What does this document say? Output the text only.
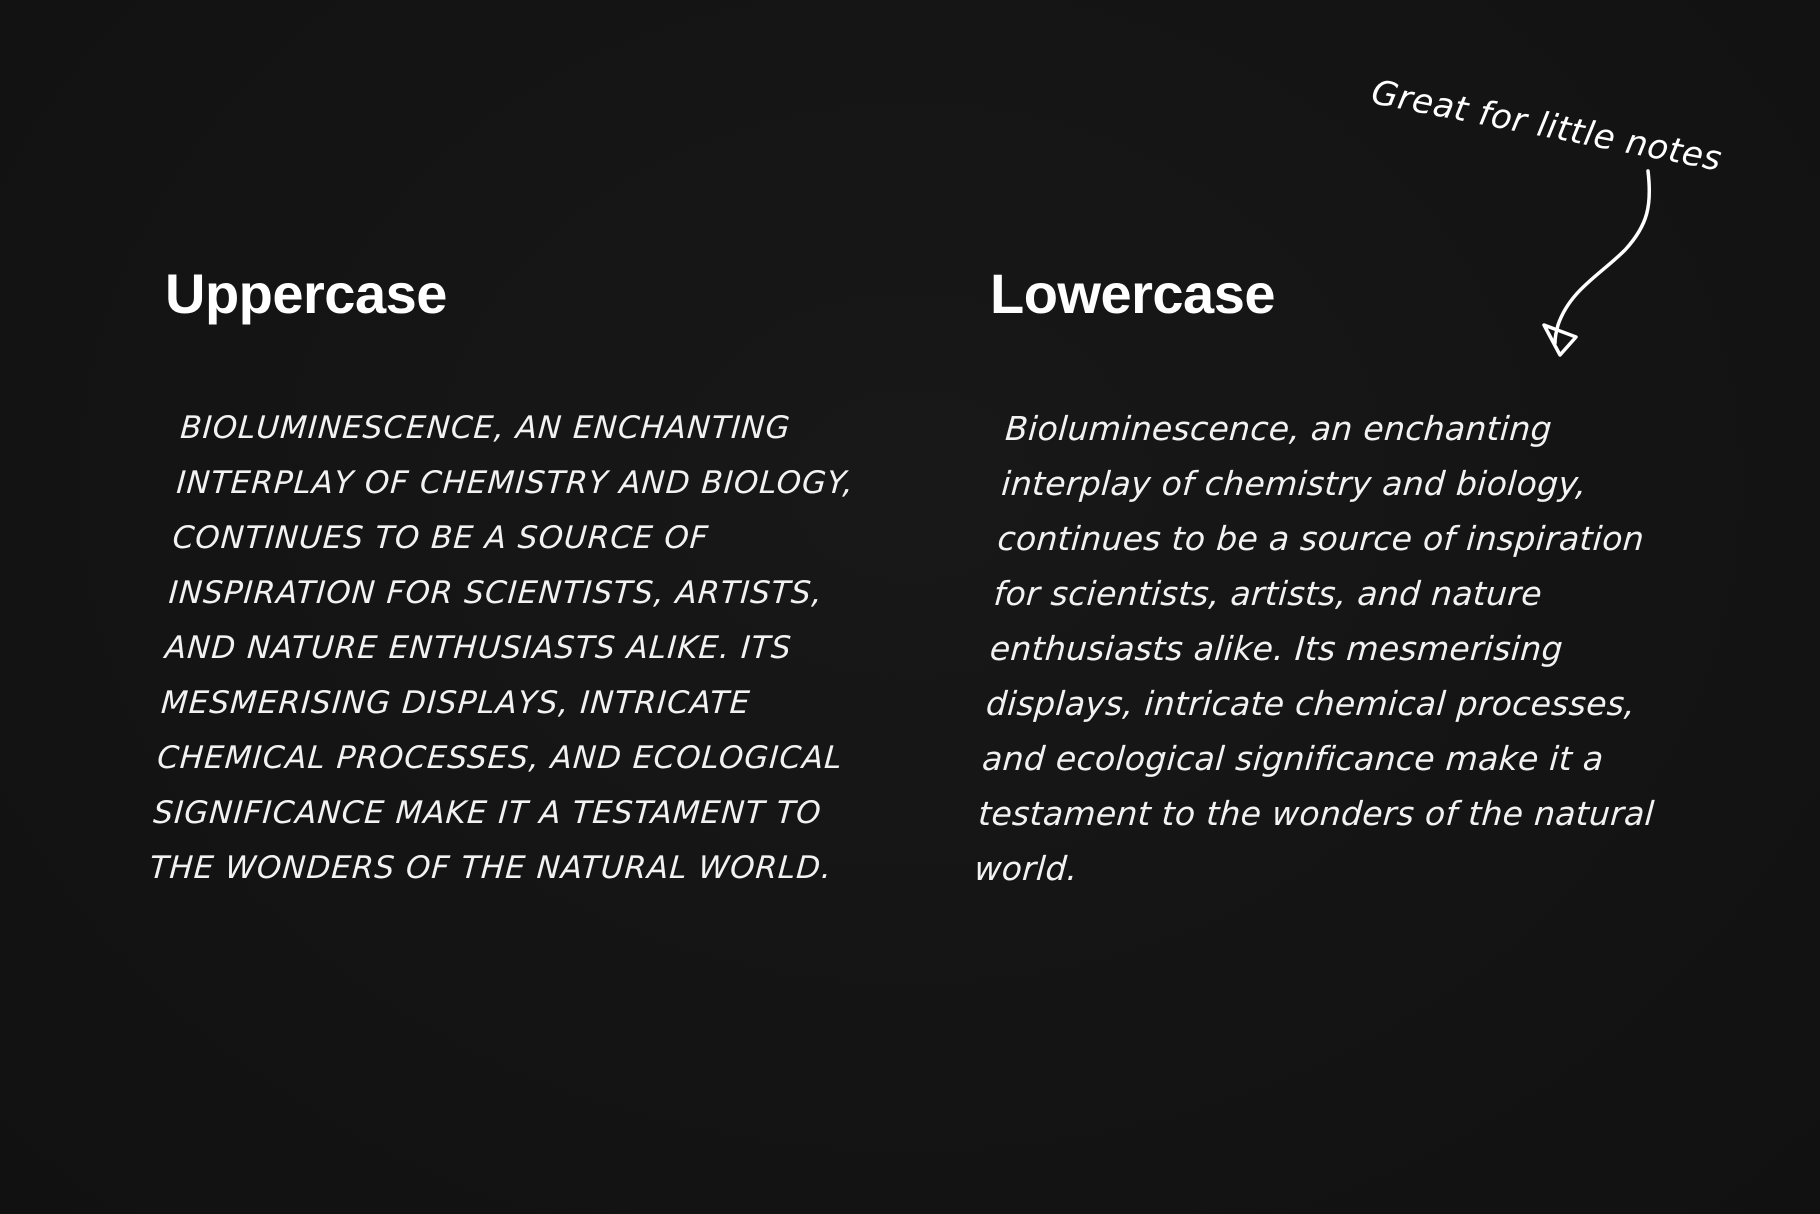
Uppercase

BIOLUMINESCENCE, AN ENCHANTING INTERPLAY OF CHEMISTRY AND BIOLOGY, CONTINUES TO BE A SOURCE OF INSPIRATION FOR SCIENTISTS, ARTISTS, AND NATURE ENTHUSIASTS ALIKE. ITS MESMERISING DISPLAYS, INTRICATE CHEMICAL PROCESSES, AND ECOLOGICAL SIGNIFICANCE MAKE IT A TESTAMENT TO THE WONDERS OF THE NATURAL WORLD.

Lowercase

Bioluminescence, an enchanting interplay of chemistry and biology, continues to be a source of inspiration for scientists, artists, and nature enthusiasts alike. Its mesmerising displays, intricate chemical processes, and ecological significance make it a testament to the wonders of the natural world.

Great for little notes
